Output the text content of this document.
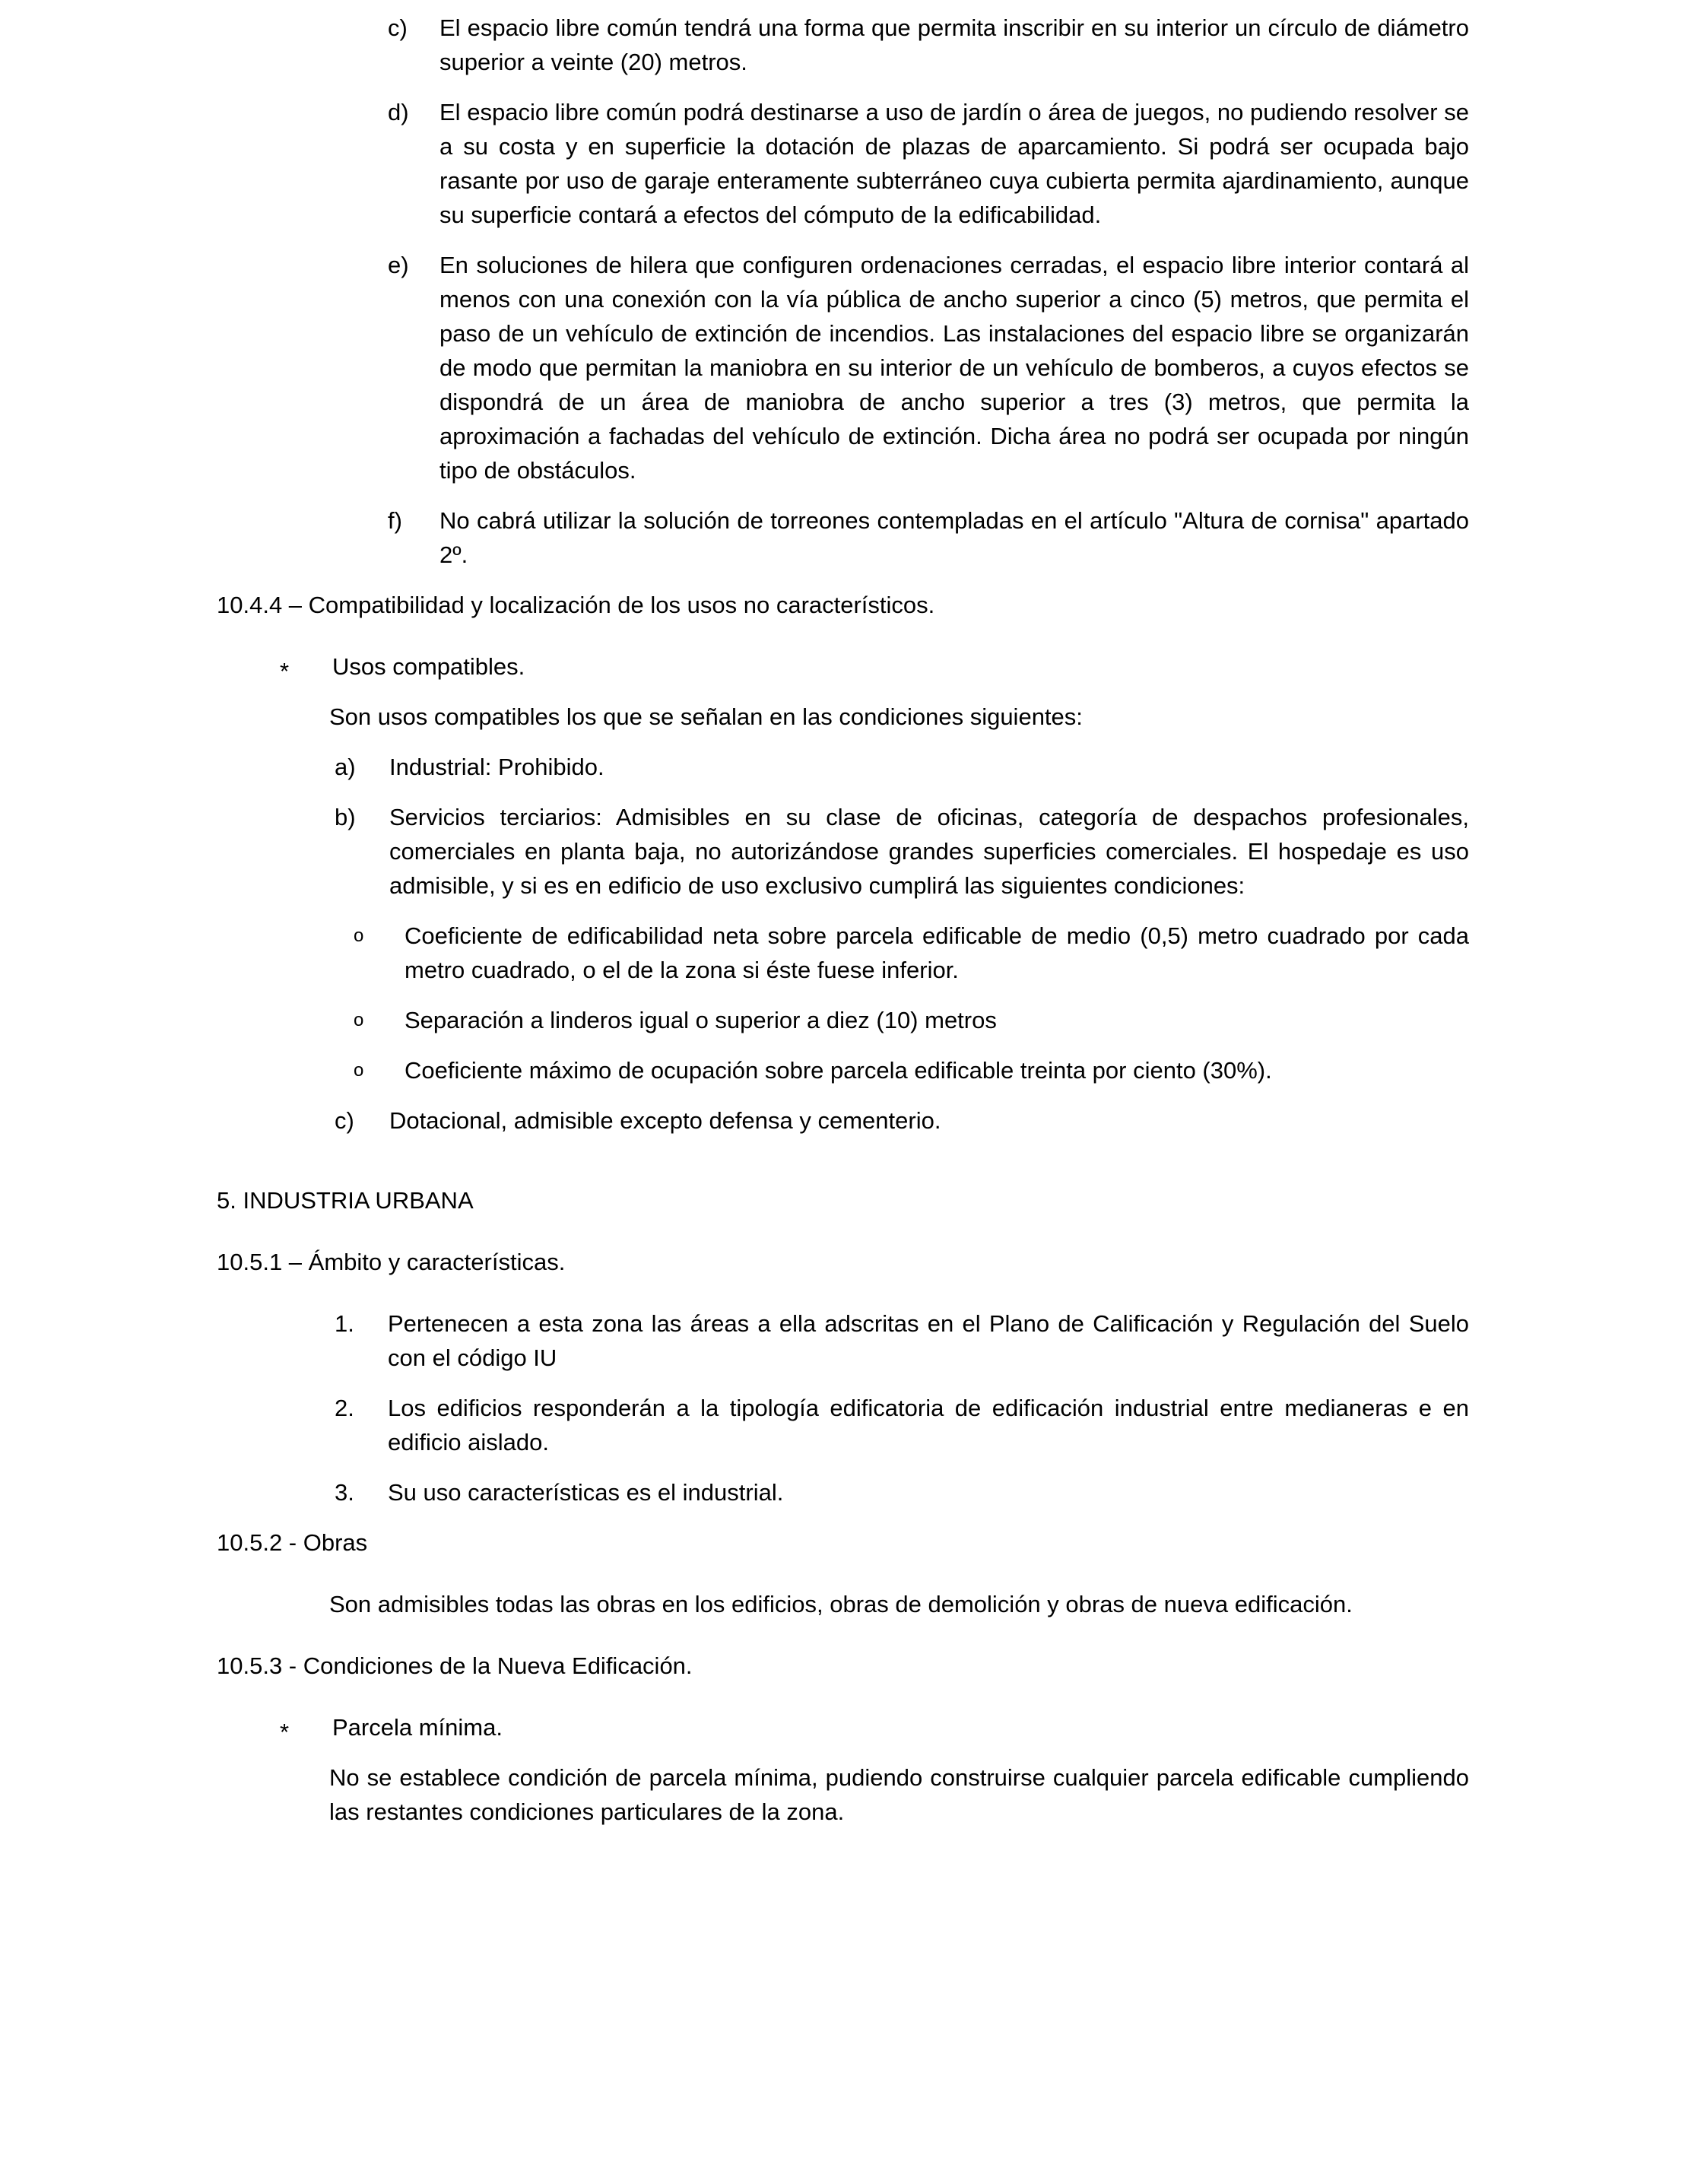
c)	El espacio libre común tendrá una forma que permita inscribir en su interior un círculo de diámetro superior a veinte (20) metros.
d)	El espacio libre común podrá destinarse a uso de jardín o área de juegos, no pudiendo resolver se a su costa y en superficie la dotación de plazas de aparcamiento. Si podrá ser ocupada bajo rasante por uso de garaje enteramente subterráneo cuya cubierta permita ajardinamiento, aunque su superficie contará a efectos del cómputo de la edificabilidad.
e)	En soluciones de hilera que configuren ordenaciones cerradas, el espacio libre interior contará al menos con una conexión con la vía pública de ancho superior a cinco (5) metros, que permita el paso de un vehículo de extinción de incendios. Las instalaciones del espacio libre se organizarán de modo que permitan la maniobra en su interior de un vehículo de bomberos, a cuyos efectos se dispondrá de un área de maniobra de ancho superior a tres (3) metros, que permita la aproximación a fachadas del vehículo de extinción. Dicha área no podrá ser ocupada por ningún tipo de obstáculos.
f)	No cabrá utilizar la solución de torreones contempladas en el artículo "Altura de cornisa" apartado 2º.
10.4.4 – Compatibilidad y localización de los usos no característicos.
*	Usos compatibles.
Son usos compatibles los que se señalan en las condiciones siguientes:
a)	Industrial: Prohibido.
b)	Servicios terciarios: Admisibles en su clase de oficinas, categoría de despachos profesionales, comerciales en planta baja, no autorizándose grandes superficies comerciales. El hospedaje es uso admisible, y si es en edificio de uso exclusivo cumplirá las siguientes condiciones:
o	Coeficiente de edificabilidad neta sobre parcela edificable de medio (0,5) metro cuadrado por cada metro cuadrado, o el de la zona si éste fuese inferior.
o	Separación a linderos igual o superior a diez (10) metros
o	Coeficiente máximo de ocupación sobre parcela edificable treinta por ciento (30%).
c)	Dotacional, admisible excepto defensa y cementerio.
5. INDUSTRIA URBANA
10.5.1 – Ámbito y características.
1.	Pertenecen a esta zona las áreas a ella adscritas en el Plano de Calificación y Regulación del Suelo con el código IU
2.	Los edificios responderán a la tipología edificatoria de edificación industrial entre medianeras e en edificio aislado.
3.	Su uso características es el industrial.
10.5.2 - Obras
Son admisibles todas las obras en los edificios, obras de demolición y obras de nueva edificación.
10.5.3 - Condiciones de la Nueva Edificación.
*	Parcela mínima.
No se establece condición de parcela mínima, pudiendo construirse cualquier parcela edificable cumpliendo las restantes condiciones particulares de la zona.
